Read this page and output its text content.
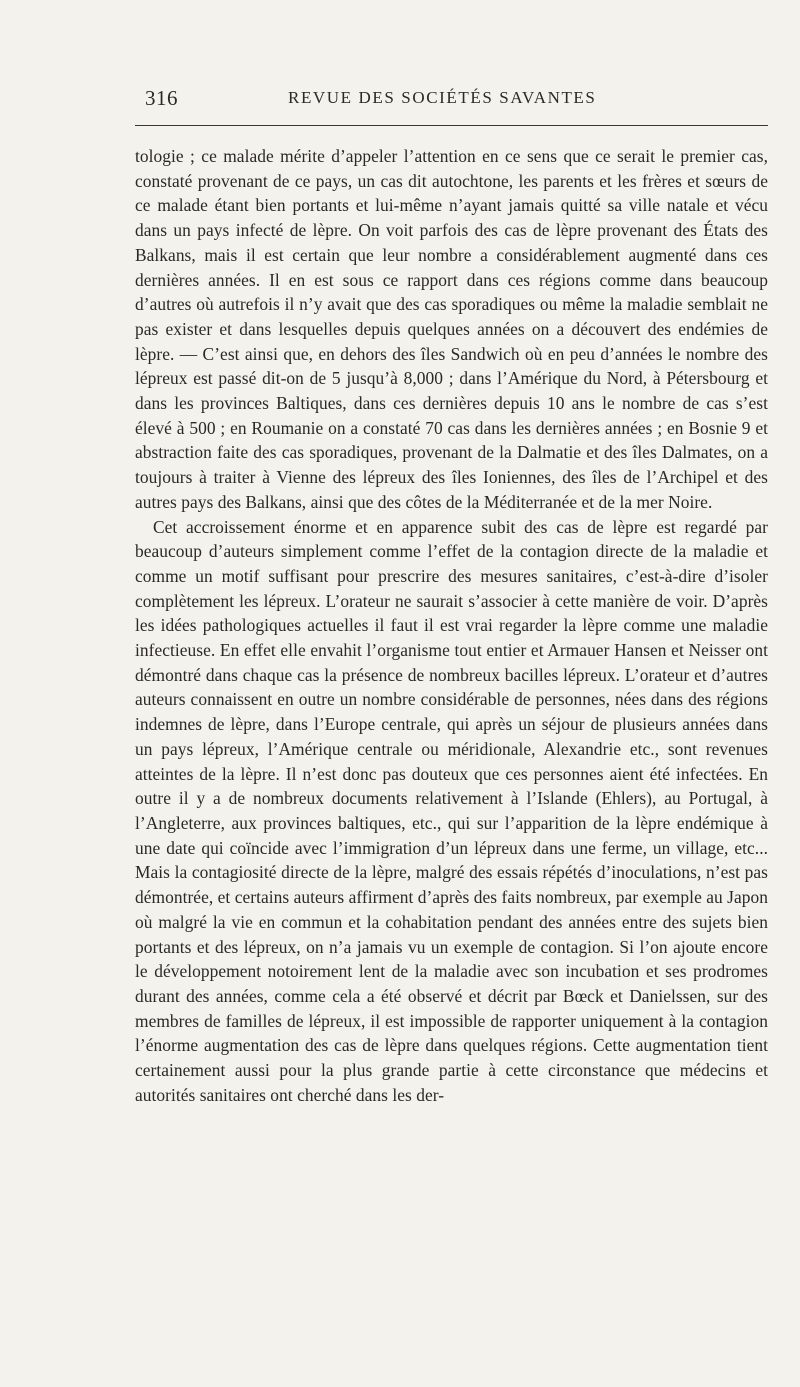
316	REVUE DES SOCIÉTÉS SAVANTES

tologie ; ce malade mérite d’appeler l’attention en ce sens que ce serait le premier cas, constaté provenant de ce pays, un cas dit autochtone, les parents et les frères et sœurs de ce malade étant bien portants et lui-même n’ayant jamais quitté sa ville natale et vécu dans un pays infecté de lèpre. On voit parfois des cas de lèpre provenant des États des Balkans, mais il est certain que leur nombre a considérablement augmenté dans ces dernières années. Il en est sous ce rapport dans ces régions comme dans beaucoup d’autres où autrefois il n’y avait que des cas sporadiques ou même la maladie semblait ne pas exister et dans lesquelles depuis quelques années on a découvert des endémies de lèpre. — C’est ainsi que, en dehors des îles Sandwich où en peu d’années le nombre des lépreux est passé dit-on de 5 jusqu’à 8,000 ; dans l’Amérique du Nord, à Pétersbourg et dans les provinces Baltiques, dans ces dernières depuis 10 ans le nombre de cas s’est élevé à 500 ; en Roumanie on a constaté 70 cas dans les dernières années ; en Bosnie 9 et abstraction faite des cas sporadiques, provenant de la Dalmatie et des îles Dalmates, on a toujours à traiter à Vienne des lépreux des îles Ioniennes, des îles de l’Archipel et des autres pays des Balkans, ainsi que des côtes de la Méditerranée et de la mer Noire.

Cet accroissement énorme et en apparence subit des cas de lèpre est regardé par beaucoup d’auteurs simplement comme l’effet de la contagion directe de la maladie et comme un motif suffisant pour prescrire des mesures sanitaires, c’est-à-dire d’isoler complètement les lépreux. L’orateur ne saurait s’associer à cette manière de voir. D’après les idées pathologiques actuelles il faut il est vrai regarder la lèpre comme une maladie infectieuse. En effet elle envahit l’organisme tout entier et Armauer Hansen et Neisser ont démontré dans chaque cas la présence de nombreux bacilles lépreux. L’orateur et d’autres auteurs connaissent en outre un nombre considérable de personnes, nées dans des régions indemnes de lèpre, dans l’Europe centrale, qui après un séjour de plusieurs années dans un pays lépreux, l’Amérique centrale ou méridionale, Alexandrie etc., sont revenues atteintes de la lèpre. Il n’est donc pas douteux que ces personnes aient été infectées. En outre il y a de nombreux documents relativement à l’Islande (Ehlers), au Portugal, à l’Angleterre, aux provinces baltiques, etc., qui sur l’apparition de la lèpre endémique à une date qui coïncide avec l’immigration d’un lépreux dans une ferme, un village, etc... Mais la contagiosité directe de la lèpre, malgré des essais répétés d’inoculations, n’est pas démontrée, et certains auteurs affirment d’après des faits nombreux, par exemple au Japon où malgré la vie en commun et la cohabitation pendant des années entre des sujets bien portants et des lépreux, on n’a jamais vu un exemple de contagion. Si l’on ajoute encore le développement notoirement lent de la maladie avec son incubation et ses prodromes durant des années, comme cela a été observé et décrit par Bœck et Danielssen, sur des membres de familles de lépreux, il est impossible de rapporter uniquement à la contagion l’énorme augmentation des cas de lèpre dans quelques régions. Cette augmentation tient certainement aussi pour la plus grande partie à cette circonstance que médecins et autorités sanitaires ont cherché dans les der-
